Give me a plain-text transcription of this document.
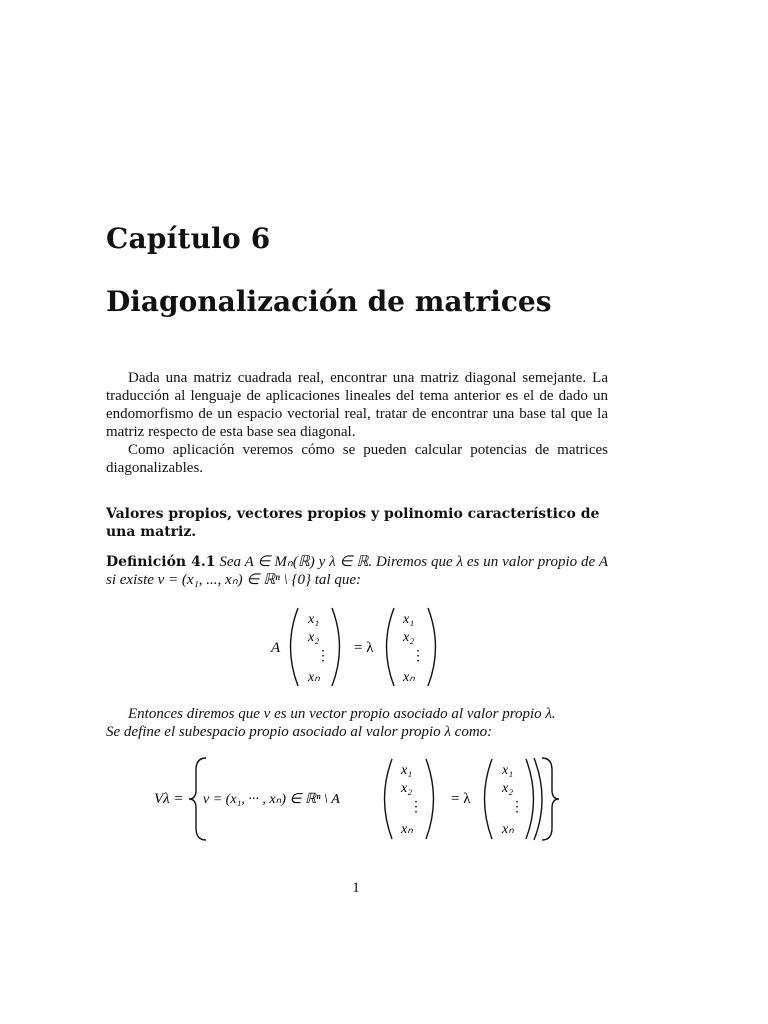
Capítulo 6
Diagonalización de matrices

Dada una matriz cuadrada real, encontrar una matriz diagonal semejante. La traducción al lenguaje de aplicaciones lineales del tema anterior es el de dado un endomorfismo de un espacio vectorial real, tratar de encontrar una base tal que la matriz respecto de esta base sea diagonal.

Como aplicación veremos cómo se pueden calcular potencias de matrices diagonalizables.

Valores propios, vectores propios y polinomio característico de una matriz.
Definición 4.1 Sea A ∈ Mₙ(ℝ) y λ ∈ ℝ. Diremos que λ es un valor propio de A si existe v = (x₁, ..., xₙ) ∈ ℝⁿ \ {0} tal que:
A
x₁
x₂
⋮
xₙ
= λ
x₁
x₂
⋮
xₙ

Entonces diremos que v es un vector propio asociado al valor propio λ.

Se define el subespacio propio asociado al valor propio λ como:

Vλ = v = (x₁, ··· , xₙ) ∈ ℝⁿ \ A
x₁
x₂
⋮
xₙ
= λ
x₁
x₂
⋮
xₙ
1
